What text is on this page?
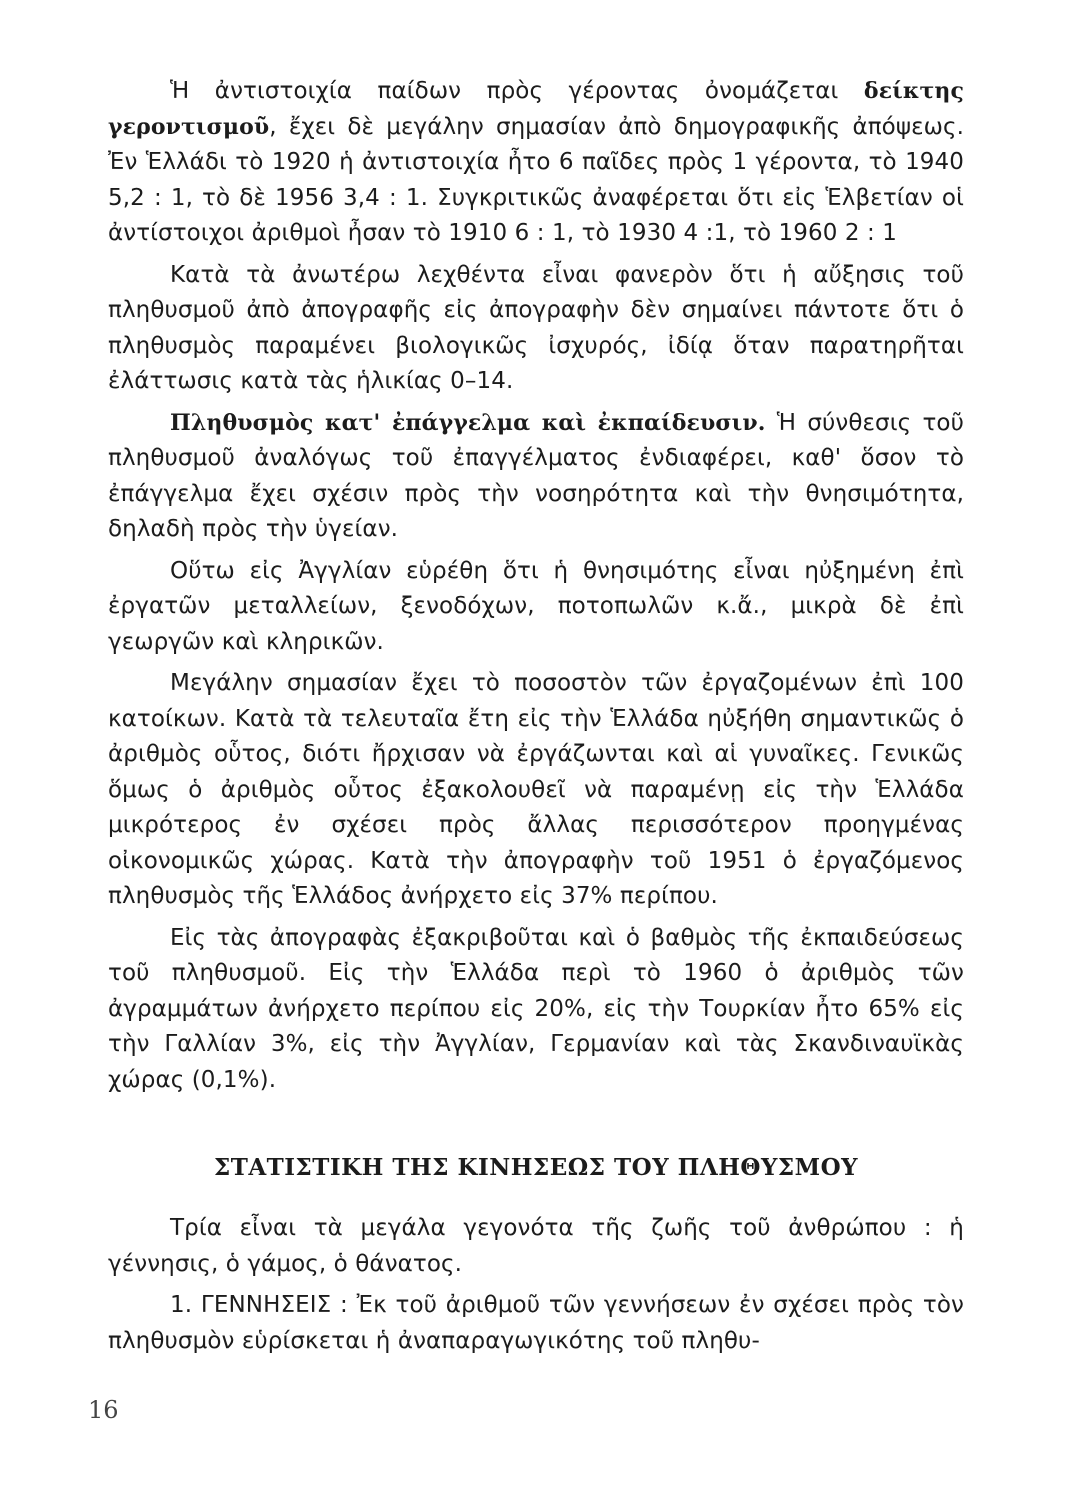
Ἡ ἀντιστοιχία παίδων πρὸς γέροντας ὀνομάζεται δείκτης γεροντισμοῦ, ἔχει δὲ μεγάλην σημασίαν ἀπὸ δημογραφικῆς ἀπόψεως. Ἐν Ἑλλάδι τὸ 1920 ἡ ἀντιστοιχία ἦτο 6 παῖδες πρὸς 1 γέροντα, τὸ 1940 5,2 : 1, τὸ δὲ 1956 3,4 : 1. Συγκριτικῶς ἀναφέρεται ὅτι εἰς Ἑλβετίαν οἱ ἀντίστοιχοι ἀριθμοὶ ἦσαν τὸ 1910 6 : 1, τὸ 1930 4 :1, τὸ 1960 2 : 1

Κατὰ τὰ ἀνωτέρω λεχθέντα εἶναι φανερὸν ὅτι ἡ αὔξησις τοῦ πληθυσμοῦ ἀπὸ ἀπογραφῆς εἰς ἀπογραφὴν δὲν σημαίνει πάντοτε ὅτι ὁ πληθυσμὸς παραμένει βιολογικῶς ἰσχυρός, ἰδίᾳ ὅταν παρατηρῆται ἐλάττωσις κατὰ τὰς ἡλικίας 0–14.

Πληθυσμὸς κατ' ἐπάγγελμα καὶ ἐκπαίδευσιν. Ἡ σύνθεσις τοῦ πληθυσμοῦ ἀναλόγως τοῦ ἐπαγγέλματος ἐνδιαφέρει, καθ' ὅσον τὸ ἐπάγγελμα ἔχει σχέσιν πρὸς τὴν νοσηρότητα καὶ τὴν θνησιμότητα, δηλαδὴ πρὸς τὴν ὑγείαν.

Οὕτω εἰς Ἀγγλίαν εὑρέθη ὅτι ἡ θνησιμότης εἶναι ηὐξημένη ἐπὶ ἐργατῶν μεταλλείων, ξενοδόχων, ποτοπωλῶν κ.ἄ., μικρὰ δὲ ἐπὶ γεωργῶν καὶ κληρικῶν.

Μεγάλην σημασίαν ἔχει τὸ ποσοστὸν τῶν ἐργαζομένων ἐπὶ 100 κατοίκων. Κατὰ τὰ τελευταῖα ἔτη εἰς τὴν Ἑλλάδα ηὐξήθη σημαντικῶς ὁ ἀριθμὸς οὗτος, διότι ἤρχισαν νὰ ἐργάζωνται καὶ αἱ γυναῖκες. Γενικῶς ὅμως ὁ ἀριθμὸς οὗτος ἐξακολουθεῖ νὰ παραμένῃ εἰς τὴν Ἑλλάδα μικρότερος ἐν σχέσει πρὸς ἄλλας περισσότερον προηγμένας οἰκονομικῶς χώρας. Κατὰ τὴν ἀπογραφὴν τοῦ 1951 ὁ ἐργαζόμενος πληθυσμὸς τῆς Ἑλλάδος ἀνήρχετο εἰς 37% περίπου.

Εἰς τὰς ἀπογραφὰς ἐξακριβοῦται καὶ ὁ βαθμὸς τῆς ἐκπαιδεύσεως τοῦ πληθυσμοῦ. Εἰς τὴν Ἑλλάδα περὶ τὸ 1960 ὁ ἀριθμὸς τῶν ἀγραμμάτων ἀνήρχετο περίπου εἰς 20%, εἰς τὴν Τουρκίαν ἦτο 65% εἰς τὴν Γαλλίαν 3%, εἰς τὴν Ἀγγλίαν, Γερμανίαν καὶ τὰς Σκανδιναυϊκὰς χώρας (0,1%).

ΣΤΑΤΙΣΤΙΚΗ ΤΗΣ ΚΙΝΗΣΕΩΣ ΤΟΥ ΠΛΗΘΥΣΜΟΥ

Τρία εἶναι τὰ μεγάλα γεγονότα τῆς ζωῆς τοῦ ἀνθρώπου : ἡ γέννησις, ὁ γάμος, ὁ θάνατος.

1. ΓΕΝΝΗΣΕΙΣ : Ἐκ τοῦ ἀριθμοῦ τῶν γεννήσεων ἐν σχέσει πρὸς τὸν πληθυσμὸν εὑρίσκεται ἡ ἀναπαραγωγικότης τοῦ πληθυ-

16
